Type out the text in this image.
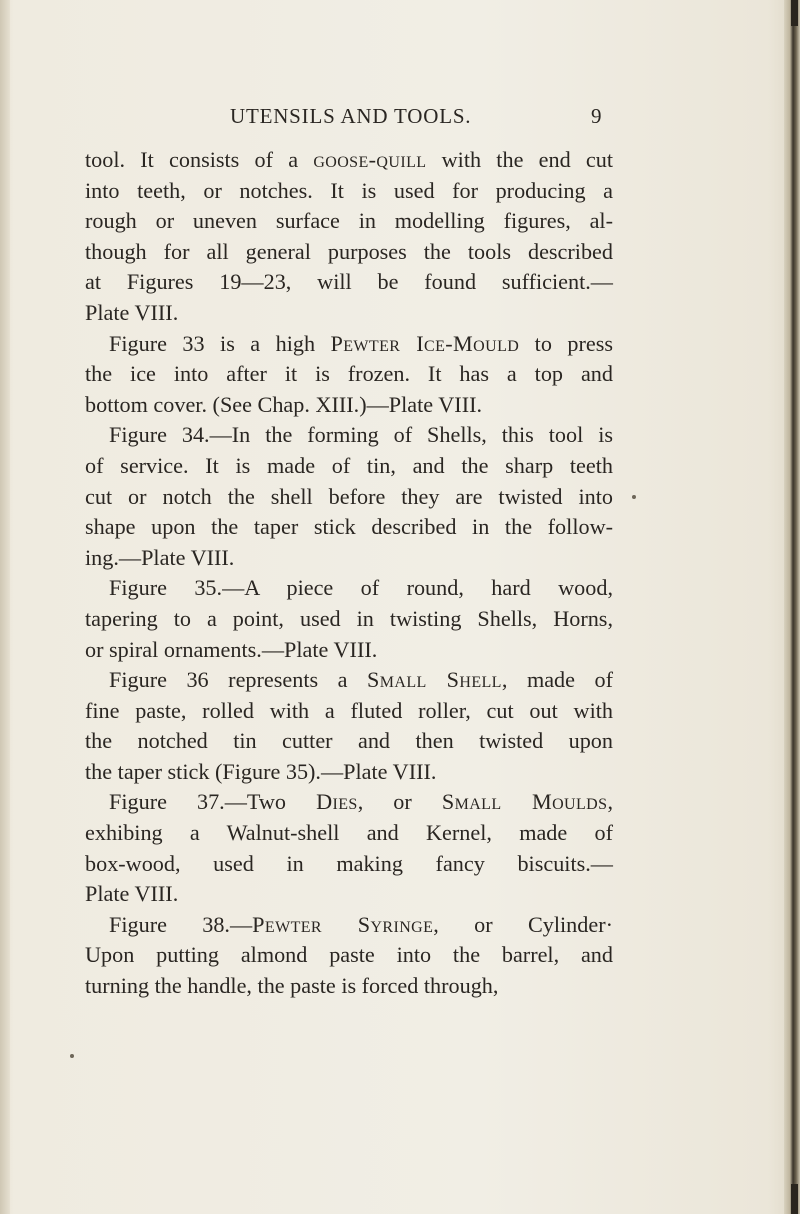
UTENSILS AND TOOLS.	9
tool. It consists of a goose-quill with the end cut
into teeth, or notches. It is used for producing a
rough or uneven surface in modelling figures, al-
though for all general purposes the tools described
at Figures 19—23, will be found sufficient.—
Plate VIII.
Figure 33 is a high Pewter Ice-Mould to press
the ice into after it is frozen. It has a top and
bottom cover. (See Chap. XIII.)—Plate VIII.
Figure 34.—In the forming of Shells, this tool is
of service. It is made of tin, and the sharp teeth
cut or notch the shell before they are twisted into
shape upon the taper stick described in the follow-
ing.—Plate VIII.
Figure 35.—A piece of round, hard wood,
tapering to a point, used in twisting Shells, Horns,
or spiral ornaments.—Plate VIII.
Figure 36 represents a Small Shell, made of
fine paste, rolled with a fluted roller, cut out with
the notched tin cutter and then twisted upon
the taper stick (Figure 35).—Plate VIII.
Figure 37.—Two Dies, or Small Moulds,
exhibing a Walnut-shell and Kernel, made of
box-wood, used in making fancy biscuits.—
Plate VIII.
Figure 38.—Pewter Syringe, or Cylinder·
Upon putting almond paste into the barrel, and
turning the handle, the paste is forced through,
